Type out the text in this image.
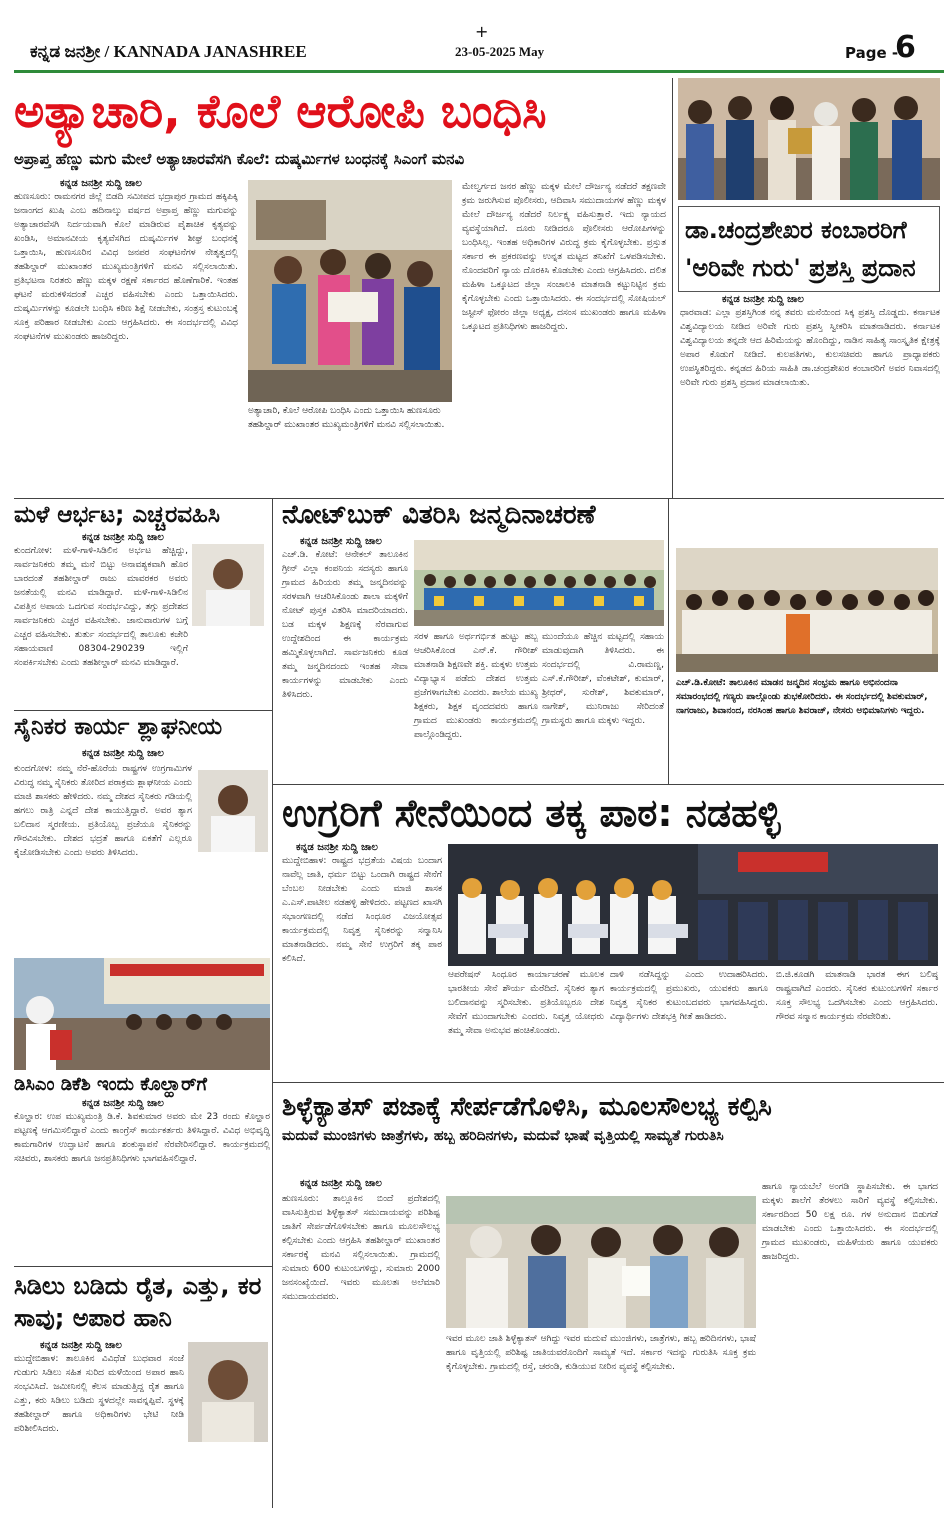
ಕನ್ನಡ ಜನಶ್ರೀ / KANNADA JANASHREE
+
23-05-2025 May	Page -
6
ಅತ್ಯಾಚಾರಿ, ಕೊಲೆ ಆರೋಪಿ ಬಂಧಿಸಿ
ಅಪ್ರಾಪ್ತ ಹೆಣ್ಣು ಮಗು ಮೇಲೆ ಅತ್ಯಾಚಾರವೆಸಗಿ ಕೊಲೆ: ದುಷ್ಕರ್ಮಿಗಳ ಬಂಧನಕ್ಕೆ ಸಿಎಂಗೆ ಮನವಿ
ಕನ್ನಡ ಜನಶ್ರೀ ಸುದ್ದಿ ಜಾಲ
ಹುಣಸೂರು: ರಾಮನಗರ ಜಿಲ್ಲೆ ಬಿಡದಿ ಸಮೀಪದ ಭದ್ರಾಪುರ ಗ್ರಾಮದ ಹಕ್ಕಿಪಿಕ್ಕಿ ಜನಾಂಗದ ಖುಷಿ ಎಂಬ ಹದಿನಾಲ್ಕು ವರ್ಷದ ಅಪ್ರಾಪ್ತ ಹೆಣ್ಣು ಮಗುವನ್ನು ಅತ್ಯಾಚಾರವೆಸಗಿ ನಿರ್ದಯವಾಗಿ ಕೊಲೆ ಮಾಡಿರುವ ಪೈಶಾಚಿಕ ಕೃತ್ಯವನ್ನು ಖಂಡಿಸಿ, ಅಮಾನವೀಯ ಕೃತ್ಯವೆಸಗಿದ ದುಷ್ಕರ್ಮಿಗಳ ಶೀಘ್ರ ಬಂಧನಕ್ಕೆ ಒತ್ತಾಯಿಸಿ, ಹುಣಸೂರಿನ ವಿವಿಧ ಜನಪರ ಸಂಘಟನೆಗಳ ನೇತೃತ್ವದಲ್ಲಿ ತಹಶಿಲ್ದಾರ್ ಮುಖಾಂತರ ಮುಖ್ಯಮಂತ್ರಿಗಳಿಗೆ ಮನವಿ ಸಲ್ಲಿಸಲಾಯಿತು. ಪ್ರತಿಭಟನಾ ನಿರತರು ಹೆಣ್ಣು ಮಕ್ಕಳ ರಕ್ಷಣೆ ಸರ್ಕಾರದ ಹೊಣೆಗಾರಿಕೆ. ಇಂತಹ ಘಟನೆ ಮರುಕಳಿಸದಂತೆ ಎಚ್ಚರ ವಹಿಸಬೇಕು ಎಂದು ಒತ್ತಾಯಿಸಿದರು. ದುಷ್ಕರ್ಮಿಗಳನ್ನು ಕೂಡಲೇ ಬಂಧಿಸಿ ಕಠಿಣ ಶಿಕ್ಷೆ ನೀಡಬೇಕು, ಸಂತ್ರಸ್ತ ಕುಟುಂಬಕ್ಕೆ ಸೂಕ್ತ ಪರಿಹಾರ ನೀಡಬೇಕು ಎಂದು ಆಗ್ರಹಿಸಿದರು. ಈ ಸಂದರ್ಭದಲ್ಲಿ ವಿವಿಧ ಸಂಘಟನೆಗಳ ಮುಖಂಡರು ಹಾಜರಿದ್ದರು.
ಅತ್ಯಾಚಾರಿ, ಕೊಲೆ ಆರೋಪಿ ಬಂಧಿಸಿ ಎಂದು ಒತ್ತಾಯಿಸಿ ಹುಣಸೂರು ತಹಶಿಲ್ದಾರ್ ಮುಖಾಂತರ ಮುಖ್ಯಮಂತ್ರಿಗಳಿಗೆ ಮನವಿ ಸಲ್ಲಿಸಲಾಯಿತು.
ಮೇಲ್ವರ್ಗದ ಜನರ ಹೆಣ್ಣು ಮಕ್ಕಳ ಮೇಲೆ ದೌರ್ಜನ್ಯ ನಡೆದರೆ ತಕ್ಷಣವೇ ಕ್ರಮ ಜರುಗಿಸುವ ಪೊಲೀಸರು, ಆದಿವಾಸಿ ಸಮುದಾಯಗಳ ಹೆಣ್ಣು ಮಕ್ಕಳ ಮೇಲೆ ದೌರ್ಜನ್ಯ ನಡೆದರೆ ನಿರ್ಲಕ್ಷ್ಯ ವಹಿಸುತ್ತಾರೆ. ಇದು ನ್ಯಾಯದ ವ್ಯವಸ್ಥೆಯಾಗಿದೆ. ದೂರು ನೀಡಿದರೂ ಪೊಲೀಸರು ಆರೋಪಿಗಳನ್ನು ಬಂಧಿಸಿಲ್ಲ. ಇಂತಹ ಅಧಿಕಾರಿಗಳ ವಿರುದ್ಧ ಕ್ರಮ ಕೈಗೊಳ್ಳಬೇಕು. ಪ್ರಸ್ತುತ ಸರ್ಕಾರ ಈ ಪ್ರಕರಣವನ್ನು ಉನ್ನತ ಮಟ್ಟದ ತನಿಖೆಗೆ ಒಳಪಡಿಸಬೇಕು. ನೊಂದವರಿಗೆ ನ್ಯಾಯ ದೊರಕಿಸಿ ಕೊಡಬೇಕು ಎಂದು ಆಗ್ರಹಿಸಿದರು. ದಲಿತ ಮಹಿಳಾ ಒಕ್ಕೂಟದ ಜಿಲ್ಲಾ ಸಂಚಾಲಕಿ ಮಾತನಾಡಿ ಕಟ್ಟುನಿಟ್ಟಿನ ಕ್ರಮ ಕೈಗೊಳ್ಳಬೇಕು ಎಂದು ಒತ್ತಾಯಿಸಿದರು. ಈ ಸಂದರ್ಭದಲ್ಲಿ ಸೋಷಿಯಲ್ ಜಸ್ಟೀಸ್ ಫೋರಂ ಜಿಲ್ಲಾ ಅಧ್ಯಕ್ಷ, ದಸಂಸ ಮುಖಂಡರು ಹಾಗೂ ಮಹಿಳಾ ಒಕ್ಕೂಟದ ಪ್ರತಿನಿಧಿಗಳು ಹಾಜರಿದ್ದರು.
ಡಾ.ಚಂದ್ರಶೇಖರ ಕಂಬಾರರಿಗೆ 'ಅರಿವೇ ಗುರು' ಪ್ರಶಸ್ತಿ ಪ್ರದಾನ
ಕನ್ನಡ ಜನಶ್ರೀ ಸುದ್ದಿ ಜಾಲ
ಧಾರವಾಡ: ಎಲ್ಲಾ ಪ್ರಶಸ್ತಿಗಿಂತ ನನ್ನ ತವರು ಮನೆಯಿಂದ ಸಿಕ್ಕ ಪ್ರಶಸ್ತಿ ದೊಡ್ಡದು. ಕರ್ನಾಟಕ ವಿಶ್ವವಿದ್ಯಾಲಯ ನೀಡಿದ ಅರಿವೇ ಗುರು ಪ್ರಶಸ್ತಿ ಸ್ವೀಕರಿಸಿ ಮಾತನಾಡಿದರು. ಕರ್ನಾಟಕ ವಿಶ್ವವಿದ್ಯಾಲಯ ತನ್ನದೇ ಆದ ಹಿರಿಮೆಯನ್ನು ಹೊಂದಿದ್ದು, ನಾಡಿನ ಸಾಹಿತ್ಯ ಸಾಂಸ್ಕೃತಿಕ ಕ್ಷೇತ್ರಕ್ಕೆ ಅಪಾರ ಕೊಡುಗೆ ನೀಡಿದೆ. ಕುಲಪತಿಗಳು, ಕುಲಸಚಿವರು ಹಾಗೂ ಪ್ರಾಧ್ಯಾಪಕರು ಉಪಸ್ಥಿತರಿದ್ದರು. ಕನ್ನಡದ ಹಿರಿಯ ಸಾಹಿತಿ ಡಾ.ಚಂದ್ರಶೇಖರ ಕಂಬಾರರಿಗೆ ಅವರ ನಿವಾಸದಲ್ಲಿ ಅರಿವೇ ಗುರು ಪ್ರಶಸ್ತಿ ಪ್ರದಾನ ಮಾಡಲಾಯಿತು.
ಮಳೆ ಆರ್ಭಟ; ಎಚ್ಚರವಹಿಸಿ
ಕನ್ನಡ ಜನಶ್ರೀ ಸುದ್ದಿ ಜಾಲ
ಕುಂದಗೋಳ: ಮಳೆ-ಗಾಳಿ-ಸಿಡಿಲಿನ ಅರ್ಭಟ ಹೆಚ್ಚಿದ್ದು, ಸಾರ್ವಜನಿಕರು ತಮ್ಮ ಮನೆ ಬಿಟ್ಟು ಅನಾವಶ್ಯಕವಾಗಿ ಹೊರ ಬಾರದಂತೆ ತಹಶೀಲ್ದಾರ್ ರಾಜು ಮಾವರಕರ ಅವರು ಜನತೆಯಲ್ಲಿ ಮನವಿ ಮಾಡಿದ್ದಾರೆ. ಮಳೆ-ಗಾಳಿ-ಸಿಡಿಲಿನ ವಿಪತ್ತಿನ ಅಪಾಯ ಒದಗುವ ಸಂದರ್ಭವಿದ್ದು, ತಗ್ಗು ಪ್ರದೇಶದ ಸಾರ್ವಜನಿಕರು ಎಚ್ಚರ ವಹಿಸಬೇಕು. ಜಾನುವಾರುಗಳ ಬಗ್ಗೆ ಎಚ್ಚರ ವಹಿಸಬೇಕು. ತುರ್ತು ಸಂದರ್ಭದಲ್ಲಿ ತಾಲೂಕು ಕಚೇರಿ ಸಹಾಯವಾಣಿ 08304-290239 ಇಲ್ಲಿಗೆ ಸಂಪರ್ಕಿಸಬೇಕು ಎಂದು ತಹಶೀಲ್ದಾರ್ ಮನವಿ ಮಾಡಿದ್ದಾರೆ.
ಸೈನಿಕರ ಕಾರ್ಯ ಶ್ಲಾಘನೀಯ
ಕನ್ನಡ ಜನಶ್ರೀ ಸುದ್ದಿ ಜಾಲ
ಕುಂದಗೋಳ: ನಮ್ಮ ನೆರೆ-ಹೊರೆಯ ರಾಷ್ಟ್ರಗಳ ಉಗ್ರಗಾಮಿಗಳ ವಿರುದ್ಧ ನಮ್ಮ ಸೈನಿಕರು ತೋರಿದ ಪರಾಕ್ರಮ ಶ್ಲಾಘನೀಯ ಎಂದು ಮಾಜಿ ಶಾಸಕರು ಹೇಳಿದರು. ನಮ್ಮ ದೇಶದ ಸೈನಿಕರು ಗಡಿಯಲ್ಲಿ ಹಗಲು ರಾತ್ರಿ ಎನ್ನದೆ ದೇಶ ಕಾಯುತ್ತಿದ್ದಾರೆ. ಅವರ ತ್ಯಾಗ ಬಲಿದಾನ ಸ್ಮರಣೀಯ. ಪ್ರತಿಯೊಬ್ಬ ಪ್ರಜೆಯೂ ಸೈನಿಕರನ್ನು ಗೌರವಿಸಬೇಕು. ದೇಶದ ಭದ್ರತೆ ಹಾಗೂ ಏಕತೆಗೆ ಎಲ್ಲರೂ ಕೈಜೋಡಿಸಬೇಕು ಎಂದು ಅವರು ತಿಳಿಸಿದರು.
ಡಿಸಿಎಂ ಡಿಕೆಶಿ ಇಂದು ಕೊಲ್ಹಾರ್‌ಗೆ
ಕನ್ನಡ ಜನಶ್ರೀ ಸುದ್ದಿ ಜಾಲ
ಕೊಲ್ಹಾರ: ಉಪ ಮುಖ್ಯಮಂತ್ರಿ ಡಿ.ಕೆ. ಶಿವಕುಮಾರ ಅವರು ಮೇ 23 ರಂದು ಕೊಲ್ಹಾರ ಪಟ್ಟಣಕ್ಕೆ ಆಗಮಿಸಲಿದ್ದಾರೆ ಎಂದು ಕಾಂಗ್ರೆಸ್ ಕಾರ್ಯಕರ್ತರು ತಿಳಿಸಿದ್ದಾರೆ. ವಿವಿಧ ಅಭಿವೃದ್ಧಿ ಕಾಮಗಾರಿಗಳ ಉದ್ಘಾಟನೆ ಹಾಗೂ ಶಂಕುಸ್ಥಾಪನೆ ನೆರವೇರಿಸಲಿದ್ದಾರೆ. ಕಾರ್ಯಕ್ರಮದಲ್ಲಿ ಸಚಿವರು, ಶಾಸಕರು ಹಾಗೂ ಜನಪ್ರತಿನಿಧಿಗಳು ಭಾಗವಹಿಸಲಿದ್ದಾರೆ.
ಸಿಡಿಲು ಬಡಿದು ರೈತ, ಎತ್ತು, ಕರ ಸಾವು; ಅಪಾರ ಹಾನಿ
ಕನ್ನಡ ಜನಶ್ರೀ ಸುದ್ದಿ ಜಾಲ
ಮುದ್ದೇಬಿಹಾಳ: ತಾಲೂಕಿನ ವಿವಿಧೆಡೆ ಬುಧವಾರ ಸಂಜೆ ಗುಡುಗು ಸಿಡಿಲು ಸಹಿತ ಸುರಿದ ಮಳೆಯಿಂದ ಅಪಾರ ಹಾನಿ ಸಂಭವಿಸಿದೆ. ಜಮೀನಿನಲ್ಲಿ ಕೆಲಸ ಮಾಡುತ್ತಿದ್ದ ರೈತ ಹಾಗೂ ಎತ್ತು, ಕರು ಸಿಡಿಲು ಬಡಿದು ಸ್ಥಳದಲ್ಲೇ ಸಾವನ್ನಪ್ಪಿವೆ. ಸ್ಥಳಕ್ಕೆ ತಹಶೀಲ್ದಾರ್ ಹಾಗೂ ಅಧಿಕಾರಿಗಳು ಭೇಟಿ ನೀಡಿ ಪರಿಶೀಲಿಸಿದರು.
ನೋಟ್‌ಬುಕ್ ವಿತರಿಸಿ ಜನ್ಮದಿನಾಚರಣೆ
ಕನ್ನಡ ಜನಶ್ರೀ ಸುದ್ದಿ ಜಾಲ
ಎಚ್.ಡಿ. ಕೋಟೆ: ಆನೇಕಲ್ ತಾಲೂಕಿನ ಗ್ರೀನ್ ವಿಲ್ಲಾ ಕಂಪನಿಯ ಸದಸ್ಯರು ಹಾಗೂ ಗ್ರಾಮದ ಹಿರಿಯರು ತಮ್ಮ ಜನ್ಮದಿನವನ್ನು ಸರಳವಾಗಿ ಆಚರಿಸಿಕೊಂಡು ಶಾಲಾ ಮಕ್ಕಳಿಗೆ ನೋಟ್ ಪುಸ್ತಕ ವಿತರಿಸಿ ಮಾದರಿಯಾದರು. ಬಡ ಮಕ್ಕಳ ಶಿಕ್ಷಣಕ್ಕೆ ನೆರವಾಗುವ ಉದ್ದೇಶದಿಂದ ಈ ಕಾರ್ಯಕ್ರಮ ಹಮ್ಮಿಕೊಳ್ಳಲಾಗಿದೆ. ಸಾರ್ವಜನಿಕರು ಕೂಡ ತಮ್ಮ ಜನ್ಮದಿನದಂದು ಇಂತಹ ಸೇವಾ ಕಾರ್ಯಗಳನ್ನು ಮಾಡಬೇಕು ಎಂದು ತಿಳಿಸಿದರು.
ಸರಳ ಹಾಗೂ ಅರ್ಥಗರ್ಭಿತ ಹುಟ್ಟು ಹಬ್ಬ ಆಚರಿಸಿಕೊಂಡ ಎನ್.ಕೆ. ಗೌರೀಶ್ ಮಾತನಾಡಿ ಶಿಕ್ಷಣವೇ ಶಕ್ತಿ. ಮಕ್ಕಳು ಉತ್ತಮ ವಿದ್ಯಾಭ್ಯಾಸ ಪಡೆದು ದೇಶದ ಉತ್ತಮ ಪ್ರಜೆಗಳಾಗಬೇಕು ಎಂದರು. ಶಾಲೆಯ ಮುಖ್ಯ ಶಿಕ್ಷಕರು, ಶಿಕ್ಷಕ ವೃಂದದವರು ಹಾಗೂ ಗ್ರಾಮದ ಮುಖಂಡರು ಕಾರ್ಯಕ್ರಮದಲ್ಲಿ ಪಾಲ್ಗೊಂಡಿದ್ದರು.
ಮುಂದೆಯೂ ಹೆಚ್ಚಿನ ಮಟ್ಟದಲ್ಲಿ ಸಹಾಯ ಮಾಡುವುದಾಗಿ ತಿಳಿಸಿದರು. ಈ ಸಂದರ್ಭದಲ್ಲಿ ವಿ.ರಾಮಣ್ಣ, ಎಸ್.ಕೆ.ಗೌರೀಶ್, ವೆಂಕಟೇಶ್, ಕುಮಾರ್, ಶ್ರೀಧರ್, ಸುರೇಶ್, ಶಿವಕುಮಾರ್, ನಾಗೇಶ್, ಮುನಿರಾಜು ಸೇರಿದಂತೆ ಗ್ರಾಮಸ್ಥರು ಹಾಗೂ ಮಕ್ಕಳು ಇದ್ದರು.
ಎಚ್.ಡಿ.ಕೋಟೆ: ತಾಲೂಕಿನ ಮಾಡನ ಜನ್ಮದಿನ ಸಂಭ್ರಮ ಹಾಗೂ ಅಭಿನಂದನಾ ಸಮಾರಂಭದಲ್ಲಿ ಗಣ್ಯರು ಪಾಲ್ಗೊಂಡು ಶುಭಕೋರಿದರು. ಈ ಸಂದರ್ಭದಲ್ಲಿ ಶಿವಕುಮಾರ್, ನಾಗರಾಜು, ಶಿವಾನಂದ, ನರಸಿಂಹ ಹಾಗೂ ಶಿವರಾಜ್, ನೇಸರು ಅಭಿಮಾನಿಗಳು ಇದ್ದರು.
ಉಗ್ರರಿಗೆ ಸೇನೆಯಿಂದ ತಕ್ಕ ಪಾಠ: ನಡಹಳ್ಳಿ
ಕನ್ನಡ ಜನಶ್ರೀ ಸುದ್ದಿ ಜಾಲ
ಮುದ್ದೇಬಿಹಾಳ: ರಾಷ್ಟ್ರದ ಭದ್ರತೆಯ ವಿಷಯ ಬಂದಾಗ ನಾವೆಲ್ಲ ಜಾತಿ, ಧರ್ಮ ಬಿಟ್ಟು ಒಂದಾಗಿ ರಾಷ್ಟ್ರದ ಸೇನೆಗೆ ಬೆಂಬಲ ನೀಡಬೇಕು ಎಂದು ಮಾಜಿ ಶಾಸಕ ಎ.ಎಸ್.ಪಾಟೀಲ ನಡಹಳ್ಳಿ ಹೇಳಿದರು. ಪಟ್ಟಣದ ಖಾಸಗಿ ಸಭಾಂಗಣದಲ್ಲಿ ನಡೆದ ಸಿಂಧೂರ ವಿಜಯೋತ್ಸವ ಕಾರ್ಯಕ್ರಮದಲ್ಲಿ ನಿವೃತ್ತ ಸೈನಿಕರನ್ನು ಸನ್ಮಾನಿಸಿ ಮಾತನಾಡಿದರು. ನಮ್ಮ ಸೇನೆ ಉಗ್ರರಿಗೆ ತಕ್ಕ ಪಾಠ ಕಲಿಸಿದೆ.
ಆಪರೇಷನ್ ಸಿಂಧೂರ ಕಾರ್ಯಾಚರಣೆ ಮೂಲಕ ಭಾರತೀಯ ಸೇನೆ ಶೌರ್ಯ ಮೆರೆದಿದೆ. ಸೈನಿಕರ ತ್ಯಾಗ ಬಲಿದಾನವನ್ನು ಸ್ಮರಿಸಬೇಕು. ಪ್ರತಿಯೊಬ್ಬರೂ ದೇಶ ಸೇವೆಗೆ ಮುಂದಾಗಬೇಕು ಎಂದರು. ನಿವೃತ್ತ ಯೋಧರು ತಮ್ಮ ಸೇವಾ ಅನುಭವ ಹಂಚಿಕೊಂಡರು.
ದಾಳಿ ನಡೆಸಿದ್ದನ್ನು ಎಂದು ಉದಾಹರಿಸಿದರು. ಕಾರ್ಯಕ್ರಮದಲ್ಲಿ ಪ್ರಮುಖರು, ಯುವಕರು ಹಾಗೂ ನಿವೃತ್ತ ಸೈನಿಕರ ಕುಟುಂಬದವರು ಭಾಗವಹಿಸಿದ್ದರು. ವಿದ್ಯಾರ್ಥಿಗಳು ದೇಶಭಕ್ತಿ ಗೀತೆ ಹಾಡಿದರು.
ಬಿ.ಜಿ.ಕೂಡಗಿ ಮಾತನಾಡಿ ಭಾರತ ಈಗ ಬಲಿಷ್ಠ ರಾಷ್ಟ್ರವಾಗಿದೆ ಎಂದರು. ಸೈನಿಕರ ಕುಟುಂಬಗಳಿಗೆ ಸರ್ಕಾರ ಸೂಕ್ತ ಸೌಲಭ್ಯ ಒದಗಿಸಬೇಕು ಎಂದು ಆಗ್ರಹಿಸಿದರು. ಗೌರವ ಸನ್ಮಾನ ಕಾರ್ಯಕ್ರಮ ನೆರವೇರಿತು.
ಶಿಳ್ಳೆಕ್ಯಾತಸ್ ಪಜಾಕ್ಕೆ ಸೇರ್ಪಡೆಗೊಳಿಸಿ, ಮೂಲಸೌಲಭ್ಯ ಕಲ್ಪಿಸಿ
ಮದುವೆ ಮುಂಜಿಗಳು ಜಾತ್ರೆಗಳು, ಹಬ್ಬ ಹರಿದಿನಗಳು, ಮದುವೆ ಭಾಷೆ ವೃತ್ತಿಯಲ್ಲಿ ಸಾಮ್ಯತೆ ಗುರುತಿಸಿ
ಕನ್ನಡ ಜನಶ್ರೀ ಸುದ್ದಿ ಜಾಲ
ಹುಣಸೂರು: ತಾಲ್ಲೂಕಿನ ಬಿಂದೆ ಪ್ರದೇಶದಲ್ಲಿ ವಾಸಿಸುತ್ತಿರುವ ಶಿಳ್ಳೆಕ್ಯಾತಸ್ ಸಮುದಾಯವನ್ನು ಪರಿಶಿಷ್ಟ ಜಾತಿಗೆ ಸೇರ್ಪಡೆಗೊಳಿಸಬೇಕು ಹಾಗೂ ಮೂಲಸೌಲಭ್ಯ ಕಲ್ಪಿಸಬೇಕು ಎಂದು ಆಗ್ರಹಿಸಿ ತಹಶೀಲ್ದಾರ್ ಮುಖಾಂತರ ಸರ್ಕಾರಕ್ಕೆ ಮನವಿ ಸಲ್ಲಿಸಲಾಯಿತು. ಗ್ರಾಮದಲ್ಲಿ ಸುಮಾರು 600 ಕುಟುಂಬಗಳಿದ್ದು, ಸುಮಾರು 2000 ಜನಸಂಖ್ಯೆಯಿದೆ. ಇವರು ಮೂಲತಃ ಅಲೆಮಾರಿ ಸಮುದಾಯದವರು.
ಇವರ ಮೂಲ ಜಾತಿ ಶಿಳ್ಳೆಕ್ಯಾತಸ್ ಆಗಿದ್ದು ಇವರ ಮದುವೆ ಮುಂಜಿಗಳು, ಜಾತ್ರೆಗಳು, ಹಬ್ಬ ಹರಿದಿನಗಳು, ಭಾಷೆ ಹಾಗೂ ವೃತ್ತಿಯಲ್ಲಿ ಪರಿಶಿಷ್ಟ ಜಾತಿಯವರೊಂದಿಗೆ ಸಾಮ್ಯತೆ ಇದೆ. ಸರ್ಕಾರ ಇದನ್ನು ಗುರುತಿಸಿ ಸೂಕ್ತ ಕ್ರಮ ಕೈಗೊಳ್ಳಬೇಕು. ಗ್ರಾಮದಲ್ಲಿ ರಸ್ತೆ, ಚರಂಡಿ, ಕುಡಿಯುವ ನೀರಿನ ವ್ಯವಸ್ಥೆ ಕಲ್ಪಿಸಬೇಕು.
ಹಾಗೂ ನ್ಯಾಯಬೆಲೆ ಅಂಗಡಿ ಸ್ಥಾಪಿಸಬೇಕು. ಈ ಭಾಗದ ಮಕ್ಕಳು ಶಾಲೆಗೆ ತೆರಳಲು ಸಾರಿಗೆ ವ್ಯವಸ್ಥೆ ಕಲ್ಪಿಸಬೇಕು. ಸರ್ಕಾರದಿಂದ 50 ಲಕ್ಷ ರೂ. ಗಳ ಅನುದಾನ ಬಿಡುಗಡೆ ಮಾಡಬೇಕು ಎಂದು ಒತ್ತಾಯಿಸಿದರು. ಈ ಸಂದರ್ಭದಲ್ಲಿ ಗ್ರಾಮದ ಮುಖಂಡರು, ಮಹಿಳೆಯರು ಹಾಗೂ ಯುವಕರು ಹಾಜರಿದ್ದರು.
